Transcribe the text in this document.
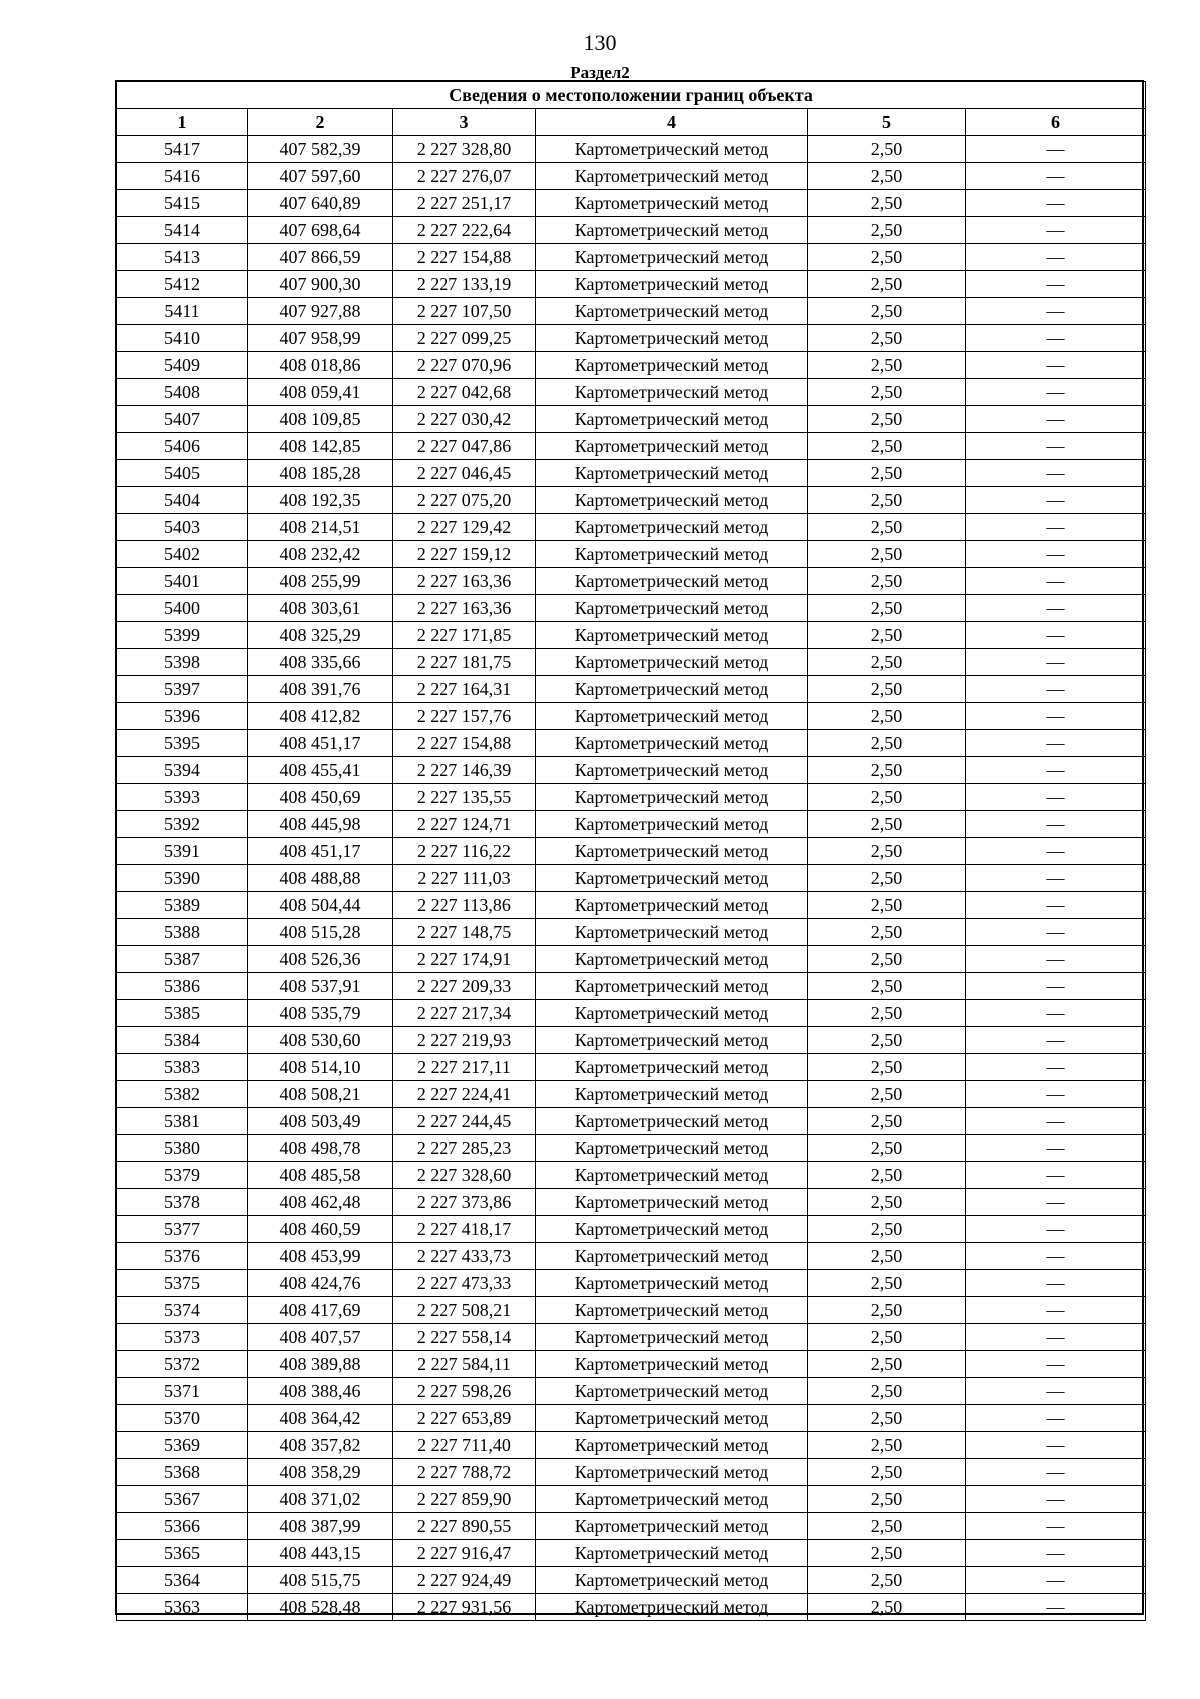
130
Раздел2
Сведения о местоположении границ объекта					
1	2	3	4	5	6
5417	407 582,39	2 227 328,80	Картометрический метод	2,50	—
5416	407 597,60	2 227 276,07	Картометрический метод	2,50	—
5415	407 640,89	2 227 251,17	Картометрический метод	2,50	—
5414	407 698,64	2 227 222,64	Картометрический метод	2,50	—
5413	407 866,59	2 227 154,88	Картометрический метод	2,50	—
5412	407 900,30	2 227 133,19	Картометрический метод	2,50	—
5411	407 927,88	2 227 107,50	Картометрический метод	2,50	—
5410	407 958,99	2 227 099,25	Картометрический метод	2,50	—
5409	408 018,86	2 227 070,96	Картометрический метод	2,50	—
5408	408 059,41	2 227 042,68	Картометрический метод	2,50	—
5407	408 109,85	2 227 030,42	Картометрический метод	2,50	—
5406	408 142,85	2 227 047,86	Картометрический метод	2,50	—
5405	408 185,28	2 227 046,45	Картометрический метод	2,50	—
5404	408 192,35	2 227 075,20	Картометрический метод	2,50	—
5403	408 214,51	2 227 129,42	Картометрический метод	2,50	—
5402	408 232,42	2 227 159,12	Картометрический метод	2,50	—
5401	408 255,99	2 227 163,36	Картометрический метод	2,50	—
5400	408 303,61	2 227 163,36	Картометрический метод	2,50	—
5399	408 325,29	2 227 171,85	Картометрический метод	2,50	—
5398	408 335,66	2 227 181,75	Картометрический метод	2,50	—
5397	408 391,76	2 227 164,31	Картометрический метод	2,50	—
5396	408 412,82	2 227 157,76	Картометрический метод	2,50	—
5395	408 451,17	2 227 154,88	Картометрический метод	2,50	—
5394	408 455,41	2 227 146,39	Картометрический метод	2,50	—
5393	408 450,69	2 227 135,55	Картометрический метод	2,50	—
5392	408 445,98	2 227 124,71	Картометрический метод	2,50	—
5391	408 451,17	2 227 116,22	Картометрический метод	2,50	—
5390	408 488,88	2 227 111,03	Картометрический метод	2,50	—
5389	408 504,44	2 227 113,86	Картометрический метод	2,50	—
5388	408 515,28	2 227 148,75	Картометрический метод	2,50	—
5387	408 526,36	2 227 174,91	Картометрический метод	2,50	—
5386	408 537,91	2 227 209,33	Картометрический метод	2,50	—
5385	408 535,79	2 227 217,34	Картометрический метод	2,50	—
5384	408 530,60	2 227 219,93	Картометрический метод	2,50	—
5383	408 514,10	2 227 217,11	Картометрический метод	2,50	—
5382	408 508,21	2 227 224,41	Картометрический метод	2,50	—
5381	408 503,49	2 227 244,45	Картометрический метод	2,50	—
5380	408 498,78	2 227 285,23	Картометрический метод	2,50	—
5379	408 485,58	2 227 328,60	Картометрический метод	2,50	—
5378	408 462,48	2 227 373,86	Картометрический метод	2,50	—
5377	408 460,59	2 227 418,17	Картометрический метод	2,50	—
5376	408 453,99	2 227 433,73	Картометрический метод	2,50	—
5375	408 424,76	2 227 473,33	Картометрический метод	2,50	—
5374	408 417,69	2 227 508,21	Картометрический метод	2,50	—
5373	408 407,57	2 227 558,14	Картометрический метод	2,50	—
5372	408 389,88	2 227 584,11	Картометрический метод	2,50	—
5371	408 388,46	2 227 598,26	Картометрический метод	2,50	—
5370	408 364,42	2 227 653,89	Картометрический метод	2,50	—
5369	408 357,82	2 227 711,40	Картометрический метод	2,50	—
5368	408 358,29	2 227 788,72	Картометрический метод	2,50	—
5367	408 371,02	2 227 859,90	Картометрический метод	2,50	—
5366	408 387,99	2 227 890,55	Картометрический метод	2,50	—
5365	408 443,15	2 227 916,47	Картометрический метод	2,50	—
5364	408 515,75	2 227 924,49	Картометрический метод	2,50	—
5363	408 528,48	2 227 931,56	Картометрический метод	2,50	—
